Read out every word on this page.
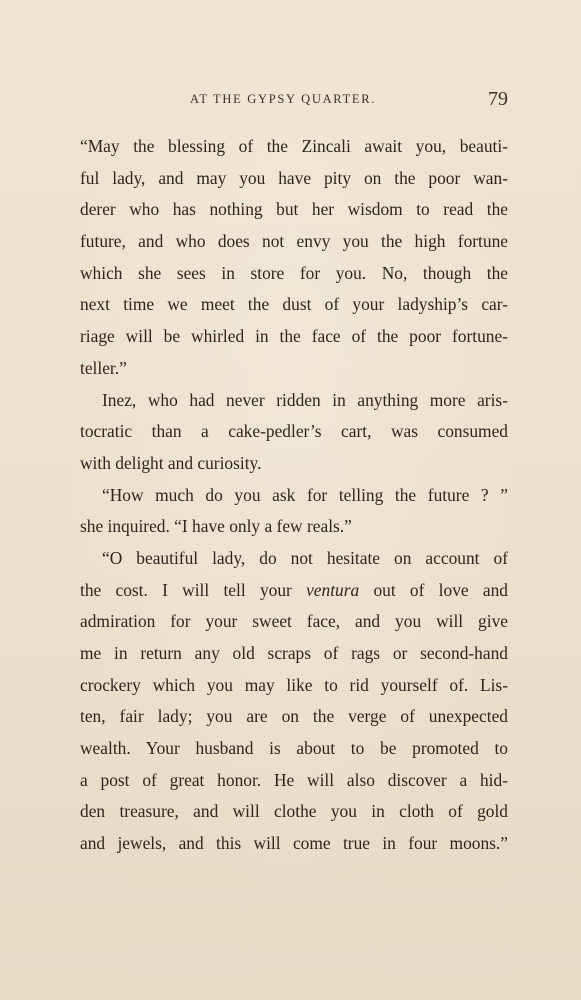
AT THE GYPSY QUARTER.	79
“May the blessing of the Zincali await you, beauti-
ful lady, and may you have pity on the poor wan-
derer who has nothing but her wisdom to read the
future, and who does not envy you the high fortune
which she sees in store for you. No, though the
next time we meet the dust of your ladyship’s car-
riage will be whirled in the face of the poor fortune-
teller.”
Inez, who had never ridden in anything more aris-
tocratic than a cake-pedler’s cart, was consumed
with delight and curiosity.
“How much do you ask for telling the future ? ”
she inquired. “I have only a few reals.”
“O beautiful lady, do not hesitate on account of
the cost. I will tell your ventura out of love and
admiration for your sweet face, and you will give
me in return any old scraps of rags or second-hand
crockery which you may like to rid yourself of. Lis-
ten, fair lady; you are on the verge of unexpected
wealth. Your husband is about to be promoted to
a post of great honor. He will also discover a hid-
den treasure, and will clothe you in cloth of gold
and jewels, and this will come true in four moons.”
